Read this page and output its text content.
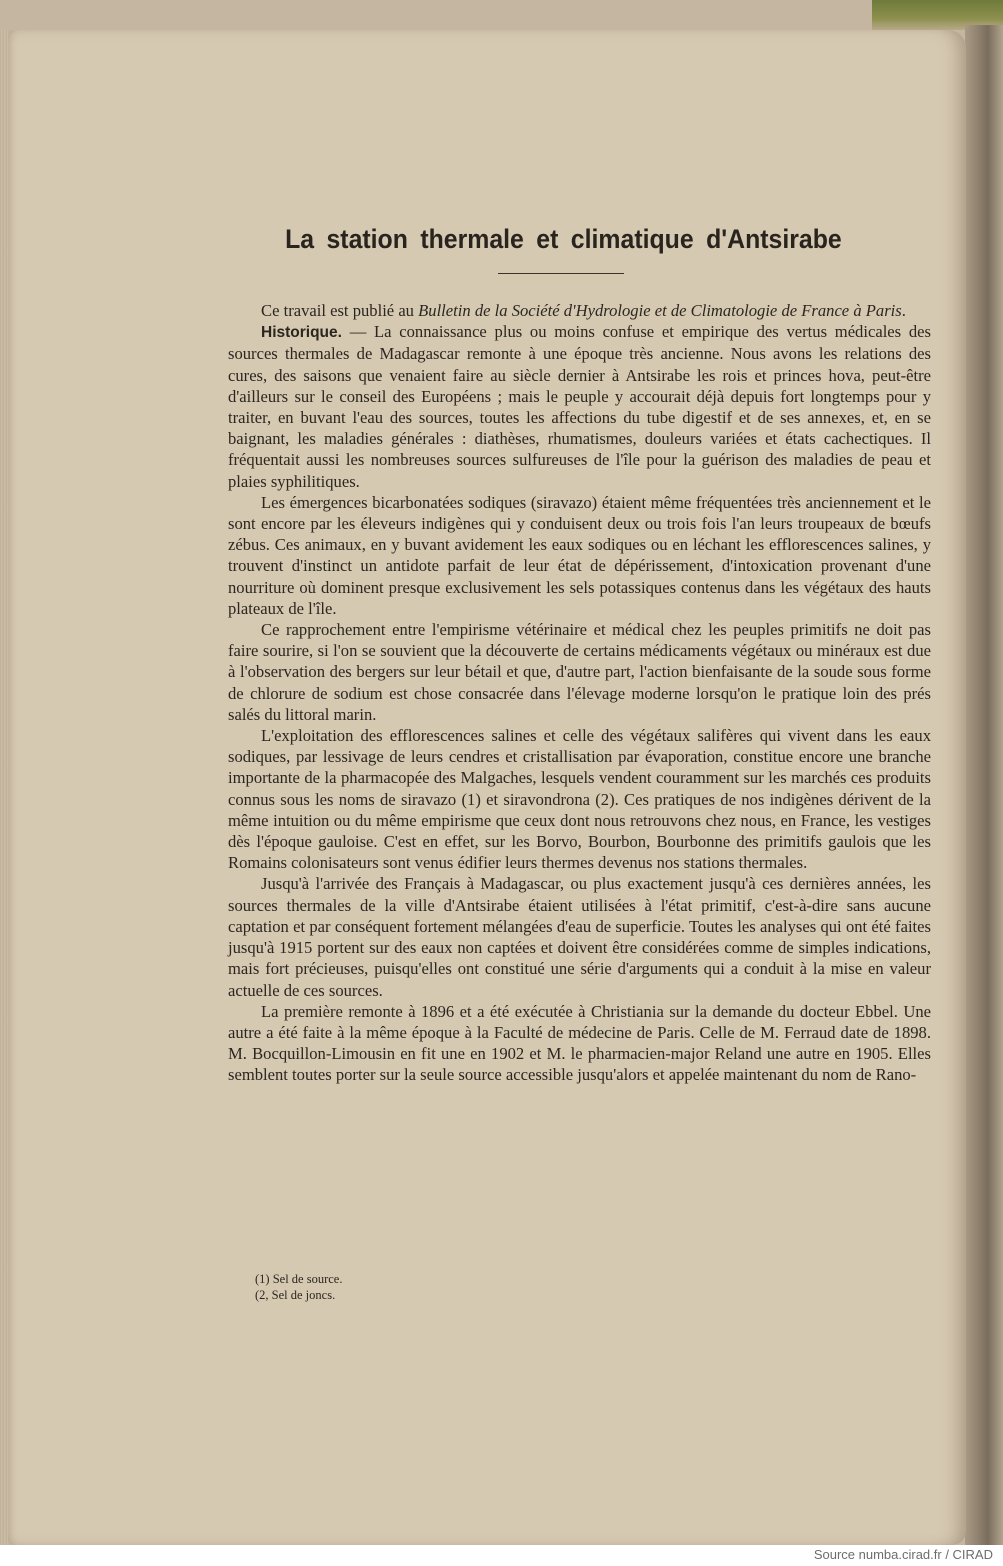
La station thermale et climatique d'Antsirabe

Ce travail est publié au Bulletin de la Société d'Hydrologie et de Climatologie de France à Paris.

Historique. — La connaissance plus ou moins confuse et empirique des vertus médicales des sources thermales de Madagascar remonte à une époque très ancienne. Nous avons les relations des cures, des saisons que venaient faire au siècle dernier à Antsirabe les rois et princes hova, peut-être d'ailleurs sur le conseil des Européens ; mais le peuple y accourait déjà depuis fort longtemps pour y traiter, en buvant l'eau des sources, toutes les affections du tube digestif et de ses annexes, et, en se baignant, les maladies générales : diathèses, rhumatismes, douleurs variées et états cachectiques. Il fréquentait aussi les nombreuses sources sulfureuses de l'île pour la guérison des maladies de peau et plaies syphilitiques.

Les émergences bicarbonatées sodiques (siravazo) étaient même fréquentées très anciennement et le sont encore par les éleveurs indigènes qui y conduisent deux ou trois fois l'an leurs troupeaux de bœufs zébus. Ces animaux, en y buvant avidement les eaux sodiques ou en léchant les efflorescences salines, y trouvent d'instinct un antidote parfait de leur état de dépérissement, d'intoxication provenant d'une nourriture où dominent presque exclusivement les sels potassiques contenus dans les végétaux des hauts plateaux de l'île.

Ce rapprochement entre l'empirisme vétérinaire et médical chez les peuples primitifs ne doit pas faire sourire, si l'on se souvient que la découverte de certains médicaments végétaux ou minéraux est due à l'observation des bergers sur leur bétail et que, d'autre part, l'action bienfaisante de la soude sous forme de chlorure de sodium est chose consacrée dans l'élevage moderne lorsqu'on le pratique loin des prés salés du littoral marin.

L'exploitation des efflorescences salines et celle des végétaux salifères qui vivent dans les eaux sodiques, par lessivage de leurs cendres et cristallisation par évaporation, constitue encore une branche importante de la pharmacopée des Malgaches, lesquels vendent couramment sur les marchés ces produits connus sous les noms de siravazo (1) et siravondrona (2). Ces pratiques de nos indigènes dérivent de la même intuition ou du même empirisme que ceux dont nous retrouvons chez nous, en France, les vestiges dès l'époque gauloise. C'est en effet, sur les Borvo, Bourbon, Bourbonne des primitifs gaulois que les Romains colonisateurs sont venus édifier leurs thermes devenus nos stations thermales.

Jusqu'à l'arrivée des Français à Madagascar, ou plus exactement jusqu'à ces dernières années, les sources thermales de la ville d'Antsirabe étaient utilisées à l'état primitif, c'est-à-dire sans aucune captation et par conséquent fortement mélangées d'eau de superficie. Toutes les analyses qui ont été faites jusqu'à 1915 portent sur des eaux non captées et doivent être considérées comme de simples indications, mais fort précieuses, puisqu'elles ont constitué une série d'arguments qui a conduit à la mise en valeur actuelle de ces sources.

La première remonte à 1896 et a été exécutée à Christiania sur la demande du docteur Ebbel. Une autre a été faite à la même époque à la Faculté de médecine de Paris. Celle de M. Ferraud date de 1898. M. Bocquillon-Limousin en fit une en 1902 et M. le pharmacien-major Reland une autre en 1905. Elles semblent toutes porter sur la seule source accessible jusqu'alors et appelée maintenant du nom de Rano-

(1) Sel de source.
(2, Sel de joncs.
Source numba.cirad.fr / CIRAD
